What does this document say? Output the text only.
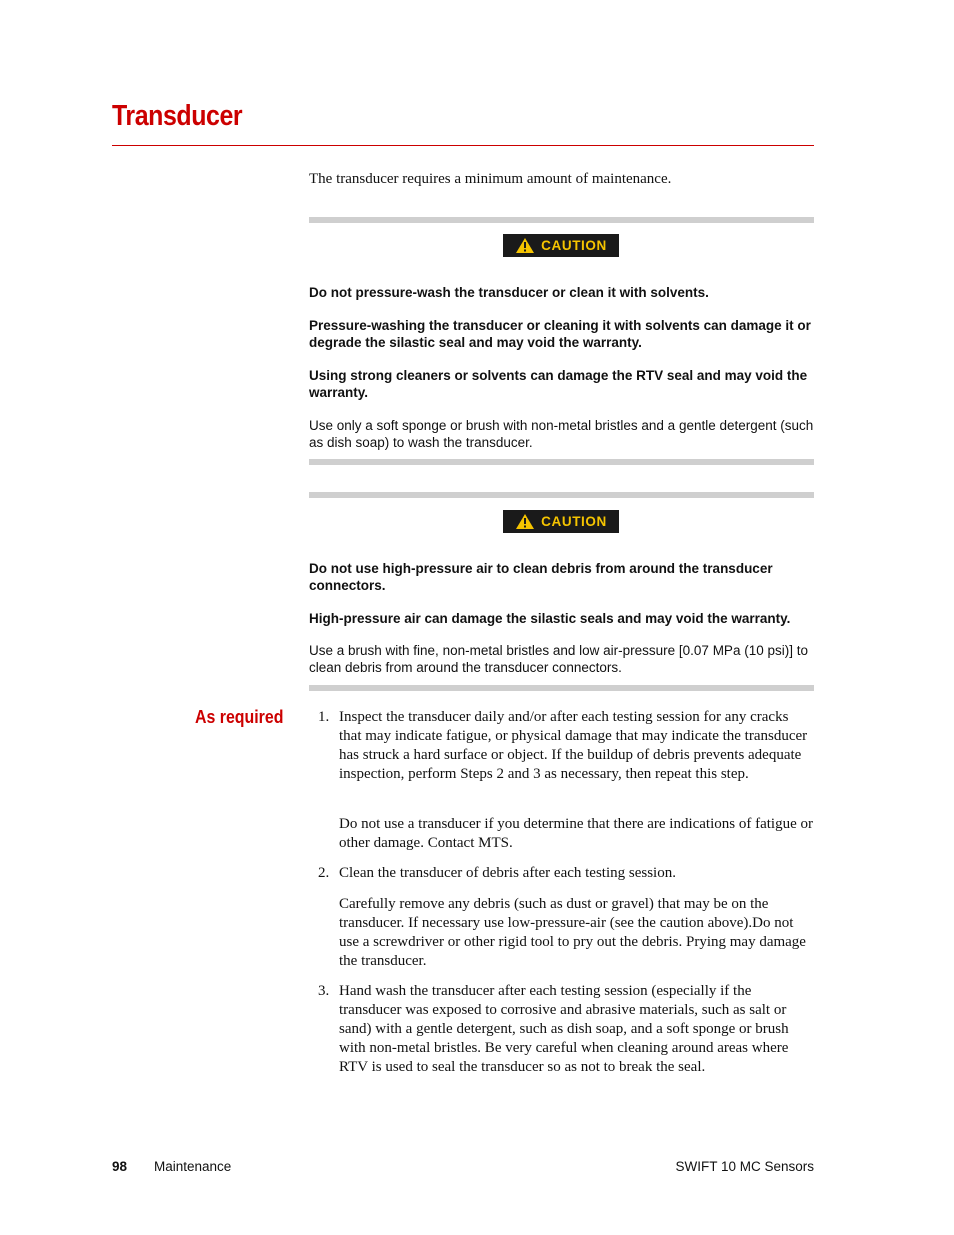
Transducer
The transducer requires a minimum amount of maintenance.
CAUTION
Do not pressure-wash the transducer or clean it with solvents.
Pressure-washing the transducer or cleaning it with solvents can damage it or degrade the silastic seal and may void the warranty.
Using strong cleaners or solvents can damage the RTV seal and may void the warranty.
Use only a soft sponge or brush with non-metal bristles and a gentle detergent (such as dish soap) to wash the transducer.
CAUTION
Do not use high-pressure air to clean debris from around the transducer connectors.
High-pressure air can damage the silastic seals and may void the warranty.
Use a brush with fine, non-metal bristles and low air-pressure [0.07 MPa (10 psi)] to clean debris from around the transducer connectors.
As required 1. Inspect the transducer daily and/or after each testing session for any cracks that may indicate fatigue, or physical damage that may indicate the transducer has struck a hard surface or object. If the buildup of debris prevents adequate inspection, perform Steps 2 and 3 as necessary, then repeat this step.
Do not use a transducer if you determine that there are indications of fatigue or other damage. Contact MTS.
2. Clean the transducer of debris after each testing session.
Carefully remove any debris (such as dust or gravel) that may be on the transducer. If necessary use low-pressure-air (see the caution above).Do not use a screwdriver or other rigid tool to pry out the debris. Prying may damage the transducer.
3. Hand wash the transducer after each testing session (especially if the transducer was exposed to corrosive and abrasive materials, such as salt or sand) with a gentle detergent, such as dish soap, and a soft sponge or brush with non-metal bristles. Be very careful when cleaning around areas where RTV is used to seal the transducer so as not to break the seal.
98 Maintenance	SWIFT 10 MC Sensors
